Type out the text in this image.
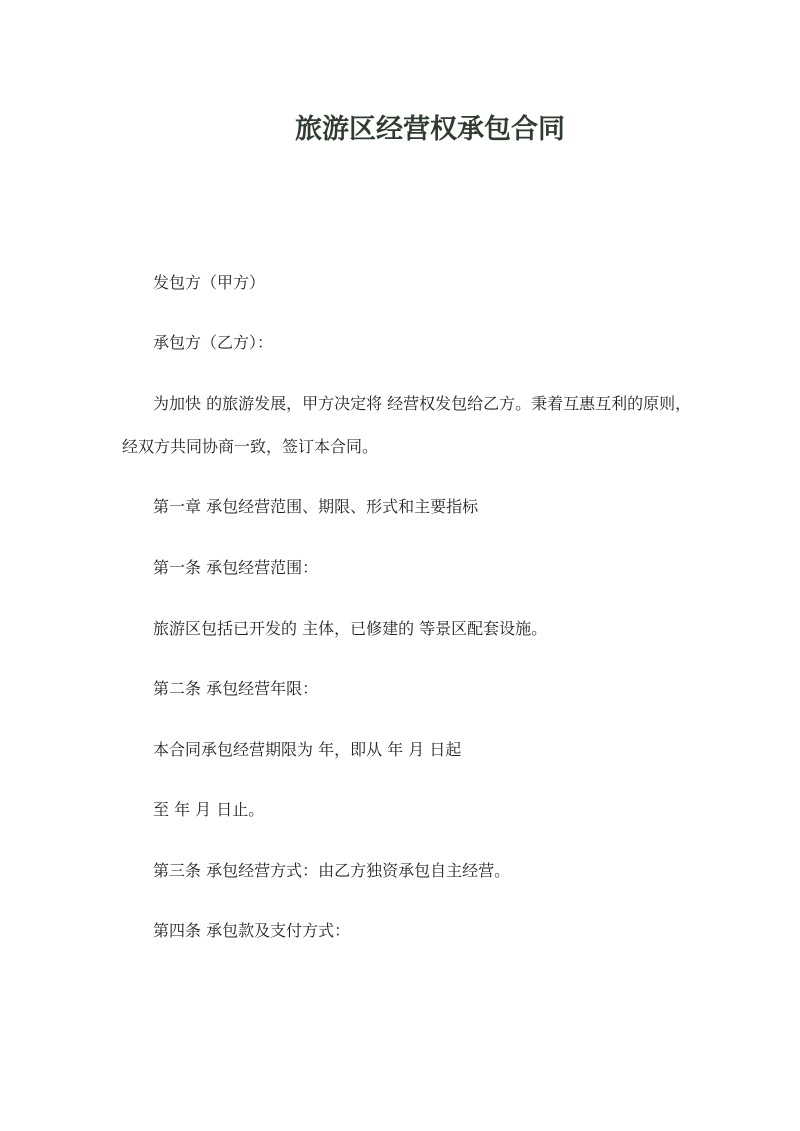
旅游区经营权承包合同
发包方（甲方）
承包方（乙方）：
为加快 的旅游发展，甲方决定将 经营权发包给乙方。秉着互惠互利的原则，
经双方共同协商一致，签订本合同。
第一章 承包经营范围、期限、形式和主要指标
第一条 承包经营范围：
旅游区包括已开发的 主体，已修建的 等景区配套设施。
第二条 承包经营年限：
本合同承包经营期限为 年，即从 年 月 日起
至 年 月 日止。
第三条 承包经营方式：由乙方独资承包自主经营。
第四条 承包款及支付方式：
